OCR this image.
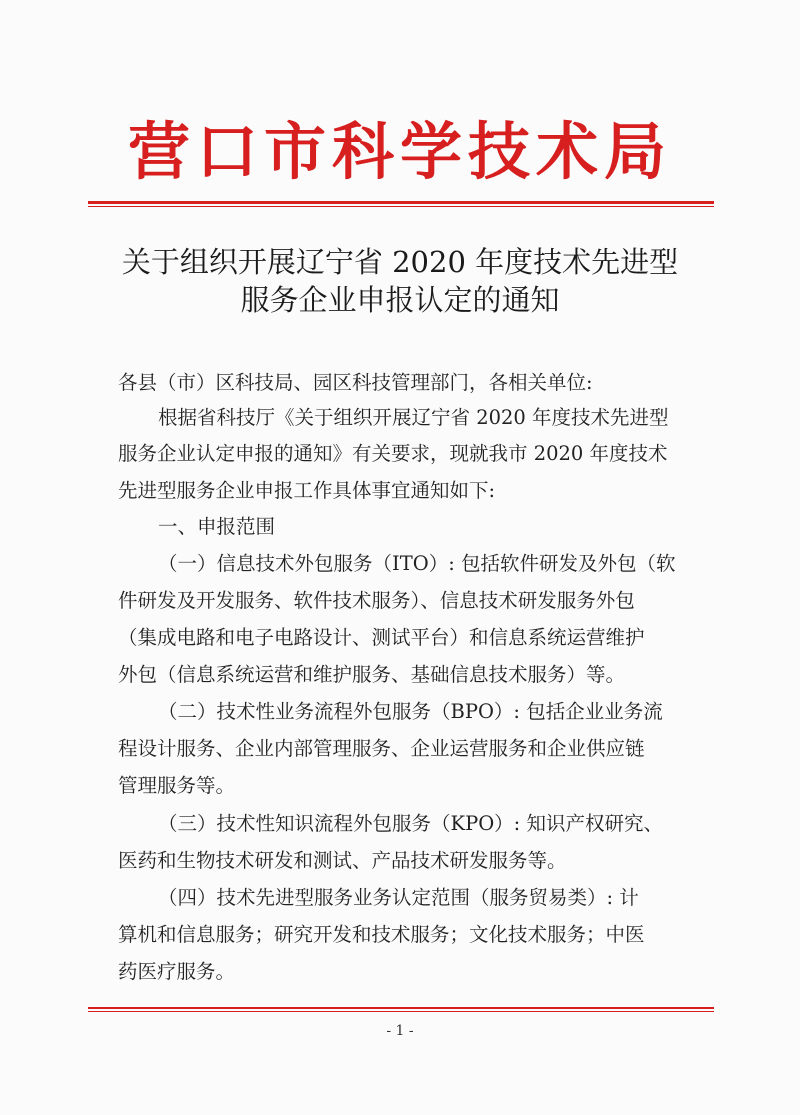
营口市科学技术局
关于组织开展辽宁省 2020 年度技术先进型
服务企业申报认定的通知
各县（市）区科技局、园区科技管理部门，各相关单位:
根据省科技厅《关于组织开展辽宁省 2020 年度技术先进型
服务企业认定申报的通知》有关要求，现就我市 2020 年度技术
先进型服务企业申报工作具体事宜通知如下:
一、申报范围
（一）信息技术外包服务（ITO）: 包括软件研发及外包（软
件研发及开发服务、软件技术服务）、信息技术研发服务外包
（集成电路和电子电路设计、测试平台）和信息系统运营维护
外包（信息系统运营和维护服务、基础信息技术服务）等。
（二）技术性业务流程外包服务（BPO）: 包括企业业务流
程设计服务、企业内部管理服务、企业运营服务和企业供应链
管理服务等。
（三）技术性知识流程外包服务（KPO）: 知识产权研究、
医药和生物技术研发和测试、产品技术研发服务等。
（四）技术先进型服务业务认定范围（服务贸易类）: 计
算机和信息服务；研究开发和技术服务；文化技术服务；中医
药医疗服务。
- 1 -
